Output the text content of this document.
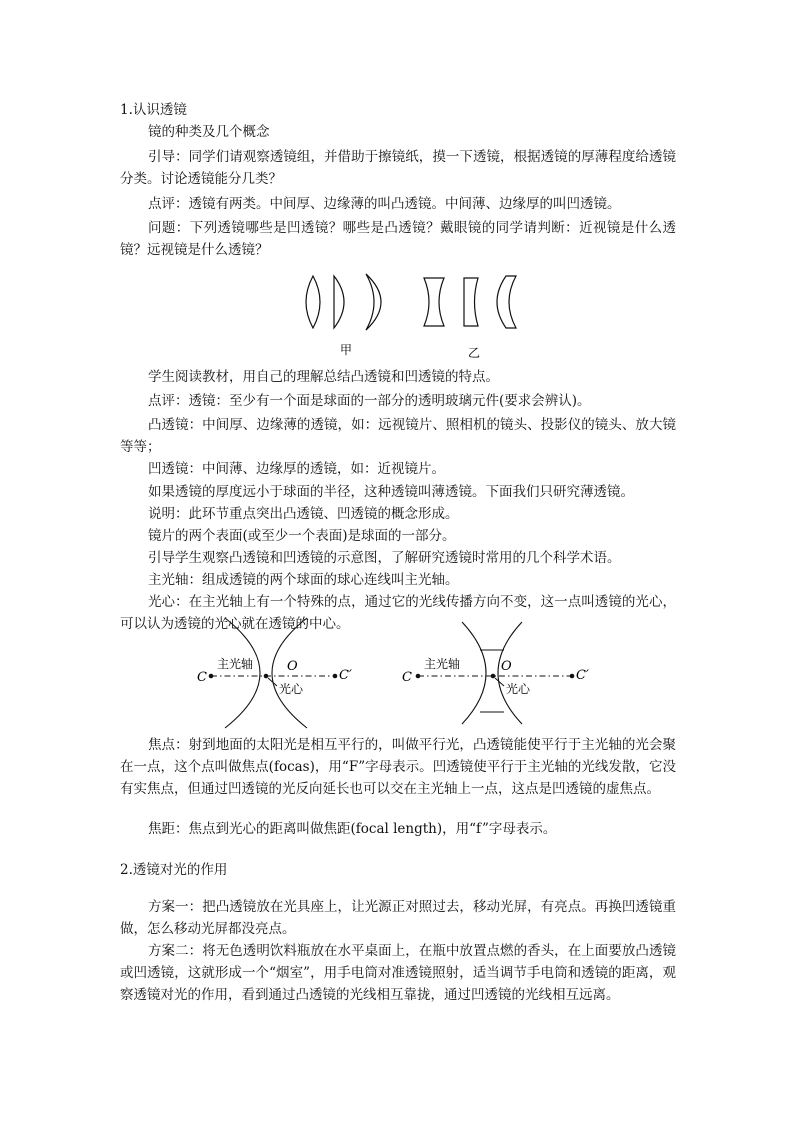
1.认识透镜

镜的种类及几个概念

引导：同学们请观察透镜组，并借助于擦镜纸，摸一下透镜，根据透镜的厚薄程度给透镜分类。讨论透镜能分几类？

点评：透镜有两类。中间厚、边缘薄的叫凸透镜。中间薄、边缘厚的叫凹透镜。

问题：下列透镜哪些是凹透镜？哪些是凸透镜？戴眼镜的同学请判断：近视镜是什么透镜？远视镜是什么透镜？

甲	乙

学生阅读教材，用自己的理解总结凸透镜和凹透镜的特点。

点评：透镜：至少有一个面是球面的一部分的透明玻璃元件(要求会辨认)。

凸透镜：中间厚、边缘薄的透镜，如：远视镜片、照相机的镜头、投影仪的镜头、放大镜等等；

凹透镜：中间薄、边缘厚的透镜，如：近视镜片。

如果透镜的厚度远小于球面的半径，这种透镜叫薄透镜。下面我们只研究薄透镜。

说明：此环节重点突出凸透镜、凹透镜的概念形成。

镜片的两个表面(或至少一个表面)是球面的一部分。

引导学生观察凸透镜和凹透镜的示意图，了解研究透镜时常用的几个科学术语。

主光轴：组成透镜的两个球面的球心连线叫主光轴。

光心：在主光轴上有一个特殊的点，通过它的光线传播方向不变，这一点叫透镜的光心，可以认为透镜的光心就在透镜的中心。

C	C′
主光轴	O
光心
C	C′
主光轴	O
光心

焦点：射到地面的太阳光是相互平行的，叫做平行光，凸透镜能使平行于主光轴的光会聚在一点，这个点叫做焦点(focas)，用“F”字母表示。凹透镜使平行于主光轴的光线发散，它没有实焦点，但通过凹透镜的光反向延长也可以交在主光轴上一点，这点是凹透镜的虚焦点。

焦距：焦点到光心的距离叫做焦距(focal length)，用“f”字母表示。

2.透镜对光的作用

方案一：把凸透镜放在光具座上，让光源正对照过去，移动光屏，有亮点。再换凹透镜重做，怎么移动光屏都没亮点。

方案二：将无色透明饮料瓶放在水平桌面上，在瓶中放置点燃的香头，在上面要放凸透镜或凹透镜，这就形成一个“烟室”，用手电筒对准透镜照射，适当调节手电筒和透镜的距离，观察透镜对光的作用，看到通过凸透镜的光线相互靠拢，通过凹透镜的光线相互远离。
